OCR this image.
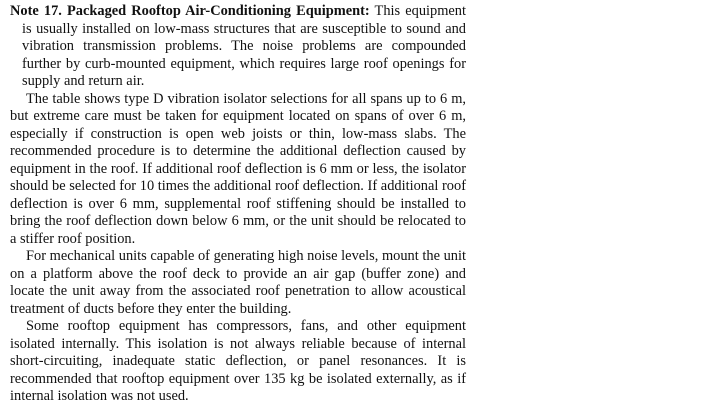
Note 17. Packaged Rooftop Air-Conditioning Equipment: This equipment is usually installed on low-mass structures that are susceptible to sound and vibration transmission problems. The noise problems are compounded further by curb-mounted equipment, which requires large roof openings for supply and return air.

The table shows type D vibration isolator selections for all spans up to 6 m, but extreme care must be taken for equipment located on spans of over 6 m, especially if construction is open web joists or thin, low-mass slabs. The recommended procedure is to determine the additional deflection caused by equipment in the roof. If additional roof deflection is 6 mm or less, the isolator should be selected for 10 times the additional roof deflection. If additional roof deflection is over 6 mm, supplemental roof stiffening should be installed to bring the roof deflection down below 6 mm, or the unit should be relocated to a stiffer roof position.

For mechanical units capable of generating high noise levels, mount the unit on a platform above the roof deck to provide an air gap (buffer zone) and locate the unit away from the associated roof penetration to allow acoustical treatment of ducts before they enter the building.

Some rooftop equipment has compressors, fans, and other equipment isolated internally. This isolation is not always reliable because of internal short-circuiting, inadequate static deflection, or panel resonances. It is recommended that rooftop equipment over 135 kg be isolated externally, as if internal isolation was not used.
